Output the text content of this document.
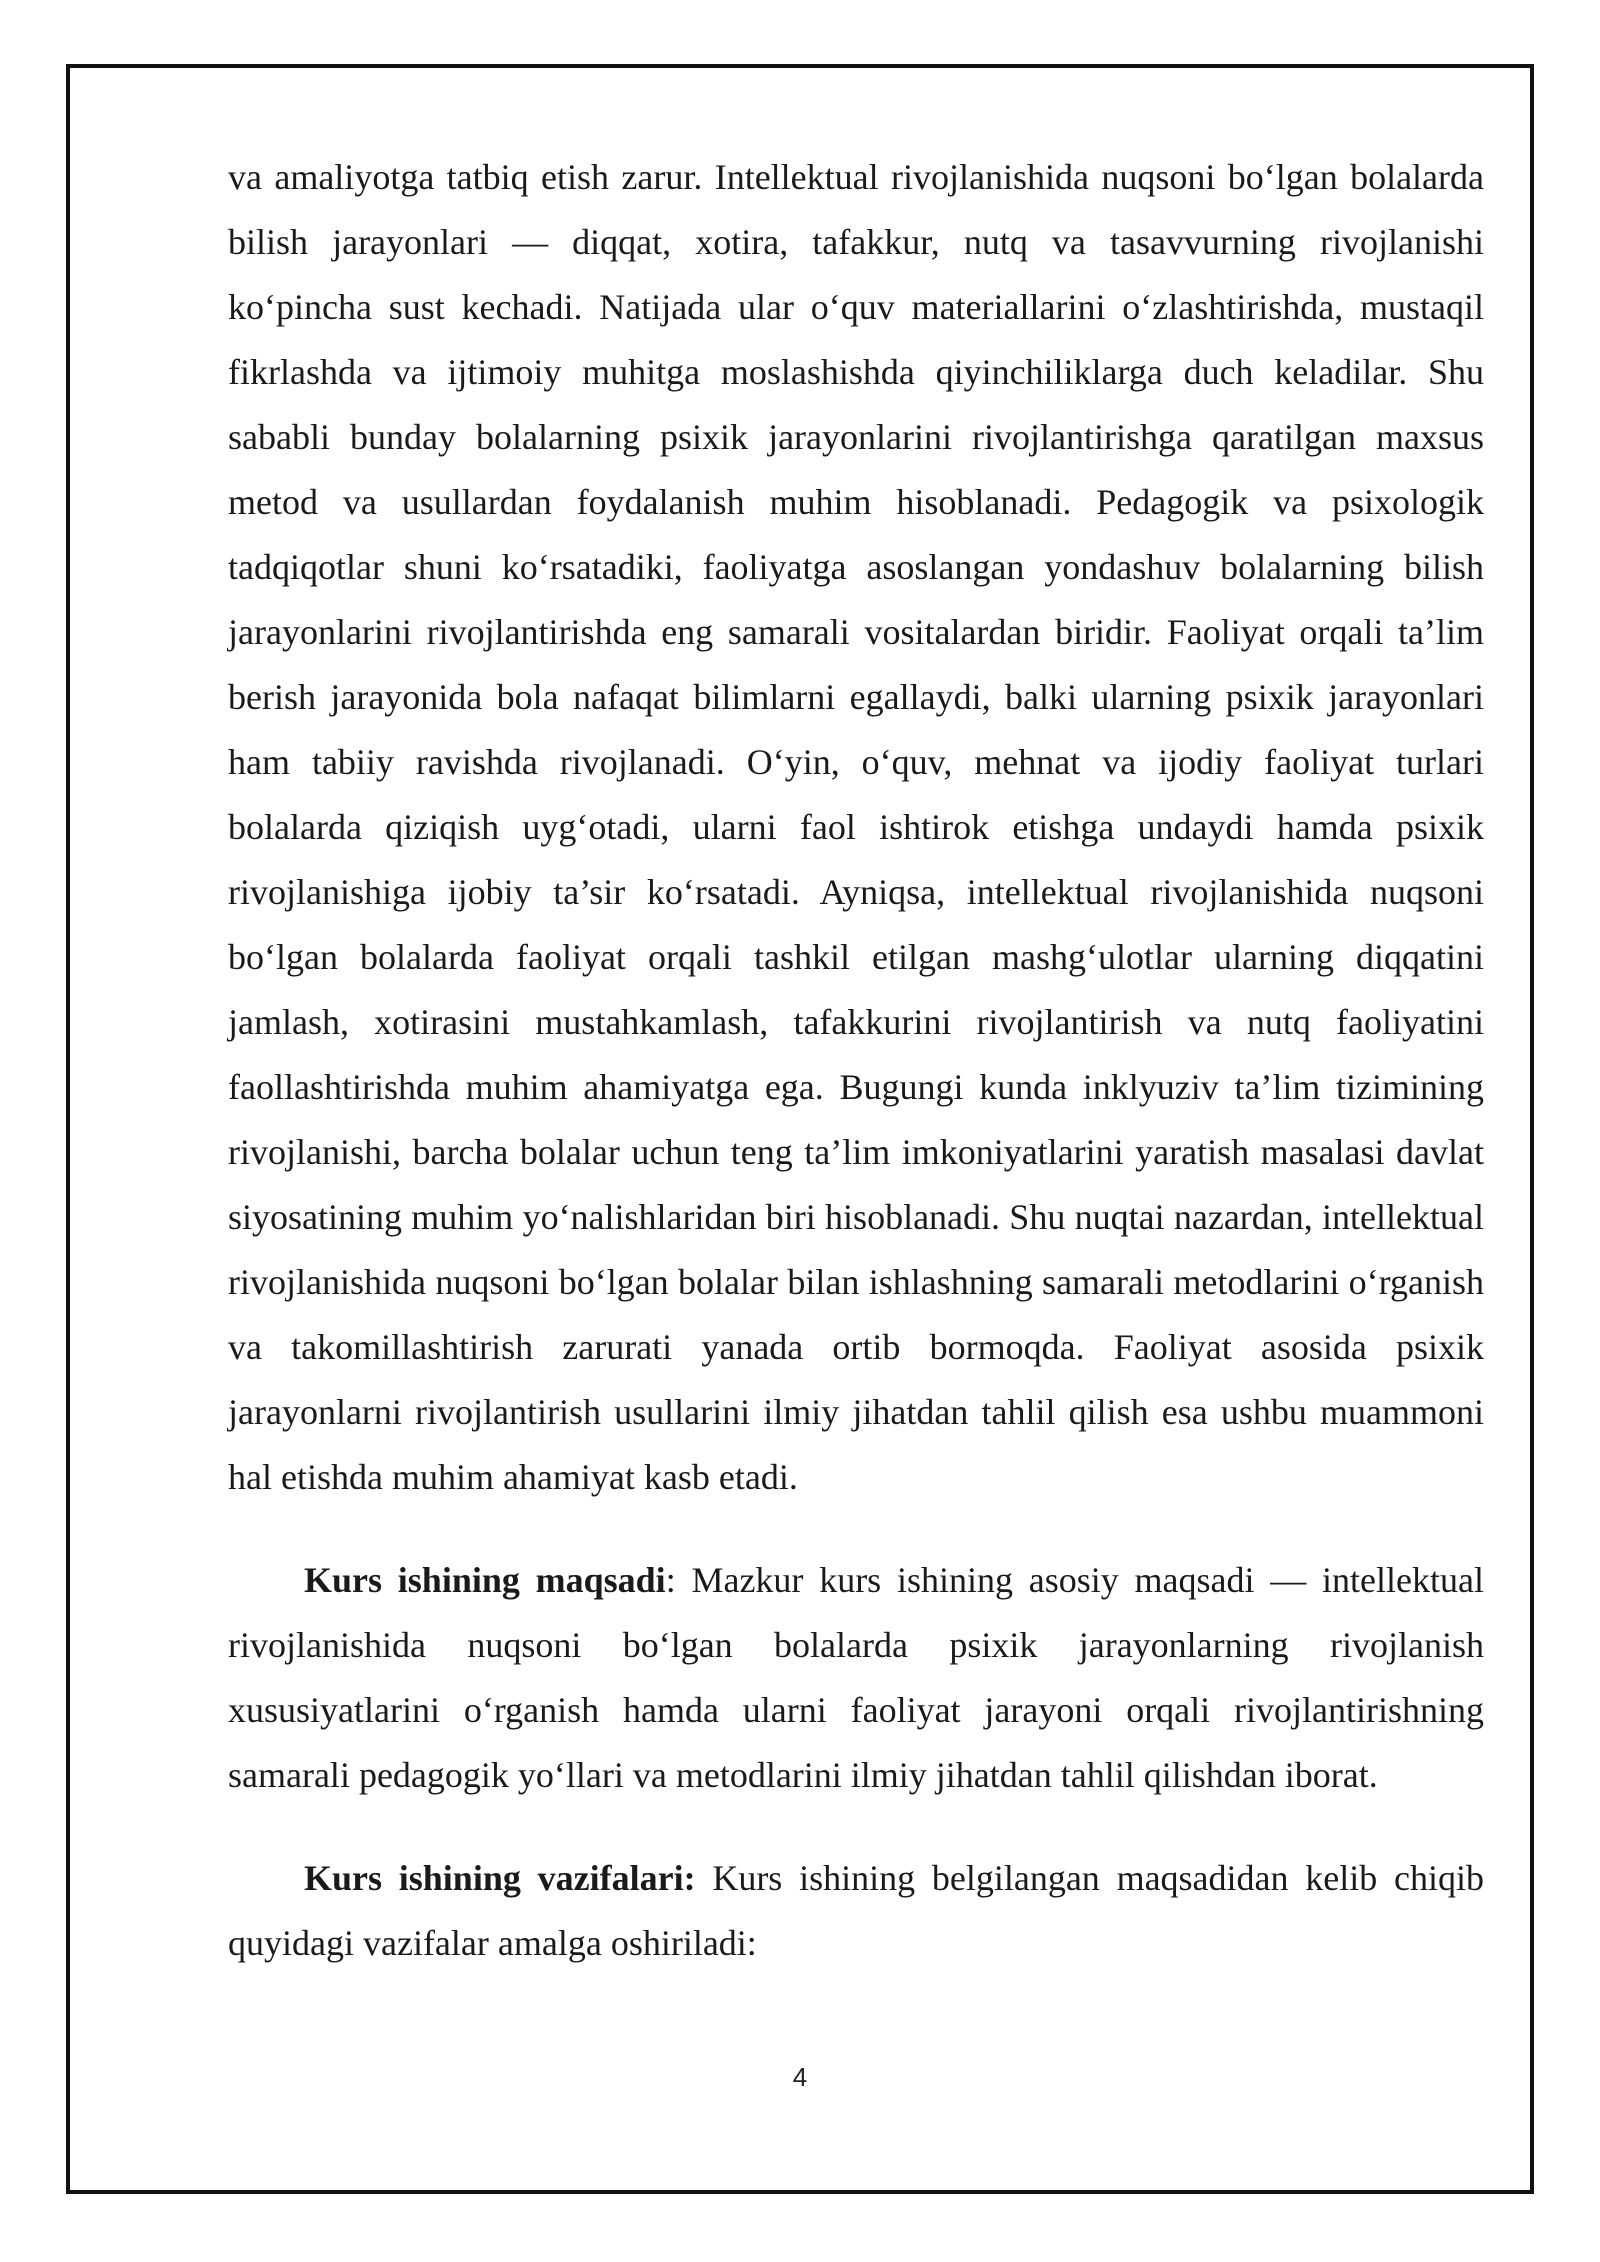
va amaliyotga tatbiq etish zarur. Intellektual rivojlanishida nuqsoni bo‘lgan bolalarda bilish jarayonlari — diqqat, xotira, tafakkur, nutq va tasavvurning rivojlanishi ko‘pincha sust kechadi. Natijada ular o‘quv materiallarini o‘zlashtirishda, mustaqil fikrlashda va ijtimoiy muhitga moslashishda qiyinchiliklarga duch keladilar. Shu sababli bunday bolalarning psixik jarayonlarini rivojlantirishga qaratilgan maxsus metod va usullardan foydalanish muhim hisoblanadi. Pedagogik va psixologik tadqiqotlar shuni ko‘rsatadiki, faoliyatga asoslangan yondashuv bolalarning bilish jarayonlarini rivojlantirishda eng samarali vositalardan biridir. Faoliyat orqali ta’lim berish jarayonida bola nafaqat bilimlarni egallaydi, balki ularning psixik jarayonlari ham tabiiy ravishda rivojlanadi. O‘yin, o‘quv, mehnat va ijodiy faoliyat turlari bolalarda qiziqish uyg‘otadi, ularni faol ishtirok etishga undaydi hamda psixik rivojlanishiga ijobiy ta’sir ko‘rsatadi. Ayniqsa, intellektual rivojlanishida nuqsoni bo‘lgan bolalarda faoliyat orqali tashkil etilgan mashg‘ulotlar ularning diqqatini jamlash, xotirasini mustahkamlash, tafakkurini rivojlantirish va nutq faoliyatini faollashtirishda muhim ahamiyatga ega. Bugungi kunda inklyuziv ta’lim tizimining rivojlanishi, barcha bolalar uchun teng ta’lim imkoniyatlarini yaratish masalasi davlat siyosatining muhim yo‘nalishlaridan biri hisoblanadi. Shu nuqtai nazardan, intellektual rivojlanishida nuqsoni bo‘lgan bolalar bilan ishlashning samarali metodlarini o‘rganish va takomillashtirish zarurati yanada ortib bormoqda. Faoliyat asosida psixik jarayonlarni rivojlantirish usullarini ilmiy jihatdan tahlil qilish esa ushbu muammoni hal etishda muhim ahamiyat kasb etadi.

Kurs ishining maqsadi: Mazkur kurs ishining asosiy maqsadi — intellektual rivojlanishida nuqsoni bo‘lgan bolalarda psixik jarayonlarning rivojlanish xususiyatlarini o‘rganish hamda ularni faoliyat jarayoni orqali rivojlantirishning samarali pedagogik yo‘llari va metodlarini ilmiy jihatdan tahlil qilishdan iborat.

Kurs ishining vazifalari: Kurs ishining belgilangan maqsadidan kelib chiqib quyidagi vazifalar amalga oshiriladi:

4
